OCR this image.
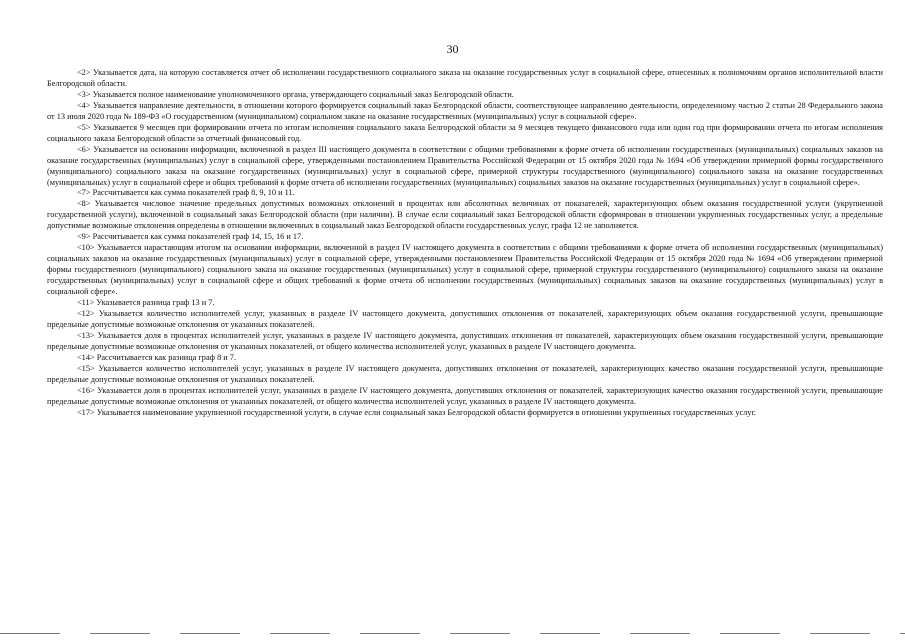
30

<2> Указывается дата, на которую составляется отчет об исполнении государственного социального заказа на оказание государственных услуг в социальной сфере, отнесенных к полномочиям органов исполнительной власти Белгородской области.

<3> Указывается полное наименование уполномоченного органа, утверждающего социальный заказ Белгородской области.

<4> Указывается направление деятельности, в отношении которого формируется социальный заказ Белгородской области, соответствующее направлению деятельности, определенному частью 2 статьи 28 Федерального закона от 13 июля 2020 года № 189-ФЗ «О государственном (муниципальном) социальном заказе на оказание государственных (муниципальных) услуг в социальной сфере».

<5> Указывается 9 месяцев при формировании отчета по итогам исполнения социального заказа Белгородской области за 9 месяцев текущего финансового года или один год при формировании отчета по итогам исполнения социального заказа Белгородской области за отчетный финансовый год.

<6> Указывается на основании информации, включенной в раздел III настоящего документа в соответствии с общими требованиями к форме отчета об исполнении государственных (муниципальных) социальных заказов на оказание государственных (муниципальных) услуг в социальной сфере, утвержденными постановлением Правительства Российской Федерации от 15 октября 2020 года № 1694 «Об утверждении примерной формы государственного (муниципального) социального заказа на оказание государственных (муниципальных) услуг в социальной сфере, примерной структуры государственного (муниципального) социального заказа на оказание государственных (муниципальных) услуг в социальной сфере и общих требований к форме отчета об исполнении государственных (муниципальных) социальных заказов на оказание государственных (муниципальных) услуг в социальной сфере».

<7> Рассчитывается как сумма показателей граф 8, 9, 10 и 11.

<8> Указывается числовое значение предельных допустимых возможных отклонений в процентах или абсолютных величинах от показателей, характеризующих объем оказания государственной услуги (укрупненной государственной услуги), включенной в социальный заказ Белгородской области (при наличии). В случае если социальный заказ Белгородской области сформирован в отношении укрупненных государственных услуг, а предельные допустимые возможные отклонения определены в отношении включенных в социальный заказ Белгородской области государственных услуг, графа 12 не заполняется.

<9> Рассчитывается как сумма показателей граф 14, 15, 16 и 17.

<10> Указывается нарастающим итогом на основании информации, включенной в раздел IV настоящего документа в соответствии с общими требованиями к форме отчета об исполнении государственных (муниципальных) социальных заказов на оказание государственных (муниципальных) услуг в социальной сфере, утвержденными постановлением Правительства Российской Федерации от 15 октября 2020 года № 1694 «Об утверждении примерной формы государственного (муниципального) социального заказа на оказание государственных (муниципальных) услуг в социальной сфере, примерной структуры государственного (муниципального) социального заказа на оказание государственных (муниципальных) услуг в социальной сфере и общих требований к форме отчета об исполнении государственных (муниципальных) социальных заказов на оказание государственных (муниципальных) услуг в социальной сфере».

<11> Указывается разница граф 13 и 7.

<12> Указывается количество исполнителей услуг, указанных в разделе IV настоящего документа, допустивших отклонения от показателей, характеризующих объем оказания государственной услуги, превышающие предельные допустимые возможные отклонения от указанных показателей.

<13> Указывается доля в процентах исполнителей услуг, указанных в разделе IV настоящего документа, допустивших отклонения от показателей, характеризующих объем оказания государственной услуги, превышающие предельные допустимые возможные отклонения от указанных показателей, от общего количества исполнителей услуг, указанных в разделе IV настоящего документа.

<14> Рассчитывается как разница граф 8 и 7.

<15> Указывается количество исполнителей услуг, указанных в разделе IV настоящего документа, допустивших отклонения от показателей, характеризующих качество оказания государственной услуги, превышающие предельные допустимые возможные отклонения от указанных показателей.

<16> Указывается доля в процентах исполнителей услуг, указанных в разделе IV настоящего документа, допустивших отклонения от показателей, характеризующих качество оказания государственной услуги, превышающие предельные допустимые возможные отклонения от указанных показателей, от общего количества исполнителей услуг, указанных в разделе IV настоящего документа.

<17> Указывается наименование укрупненной государственной услуги, в случае если социальный заказ Белгородской области формируется в отношении укрупненных государственных услуг.
